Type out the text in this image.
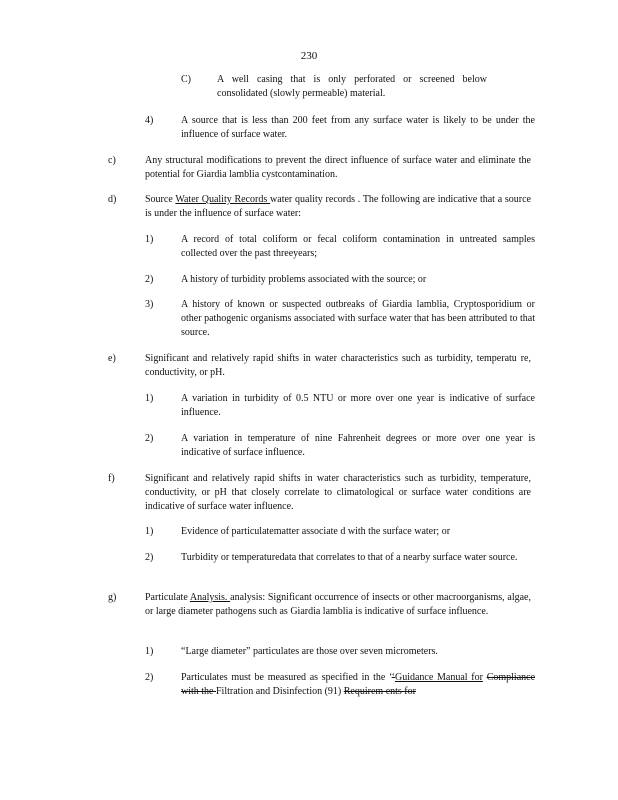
230
C)	A well casing that is only perforated or screened below consolidated (slowly permeable) material.
4)	A source that is less than 200 feet from any surface water is likely to be under the influence of surface water.
c)	Any structural modifications to prevent the direct influence of surface water and eliminate the potential for Giardia lamblia cystcontamination.
d)	Source Water Quality Records water quality records . The following are indicative that a source is under the influence of surface water:
1)	A record of total coliform or fecal coliform contamination in untreated samples collected over the past threeyears;
2)	A history of turbidity problems associated with the source; or
3)	A history of known or suspected outbreaks of Giardia lamblia, Cryptosporidium or other pathogenic organisms associated with surface water that has been attributed to that source.
e)	Significant and relatively rapid shifts in water characteristics such as turbidity, temperatu re, conductivity, or pH.
1)	A variation in turbidity of 0.5 NTU or more over one year is indicative of surface influence.
2)	A variation in temperature of nine Fahrenheit degrees or more over one year is indicative of surface influence.
f)	Significant and relatively rapid shifts in water characteristics such as turbidity, temperature, conductivity, or pH that closely correlate to climatological or surface water conditions are indicative of surface water influence.
1)	Evidence of particulatematter associate d with the surface water; or
2)	Turbidity or temperaturedata that correlates to that of a nearby surface water source.
g)	Particulate Analysis. analysis: Significant occurrence of insects or other macroorganisms, algae, or large diameter pathogens such as Giardia lamblia is indicative of surface influence.
1)	“Large diameter” particulates are those over seven micrometers.
2)	Particulates must be measured as specified in the ‘‘Guidance Manual for Compliance with the Filtration and Disinfection (91) Requirem ents for
